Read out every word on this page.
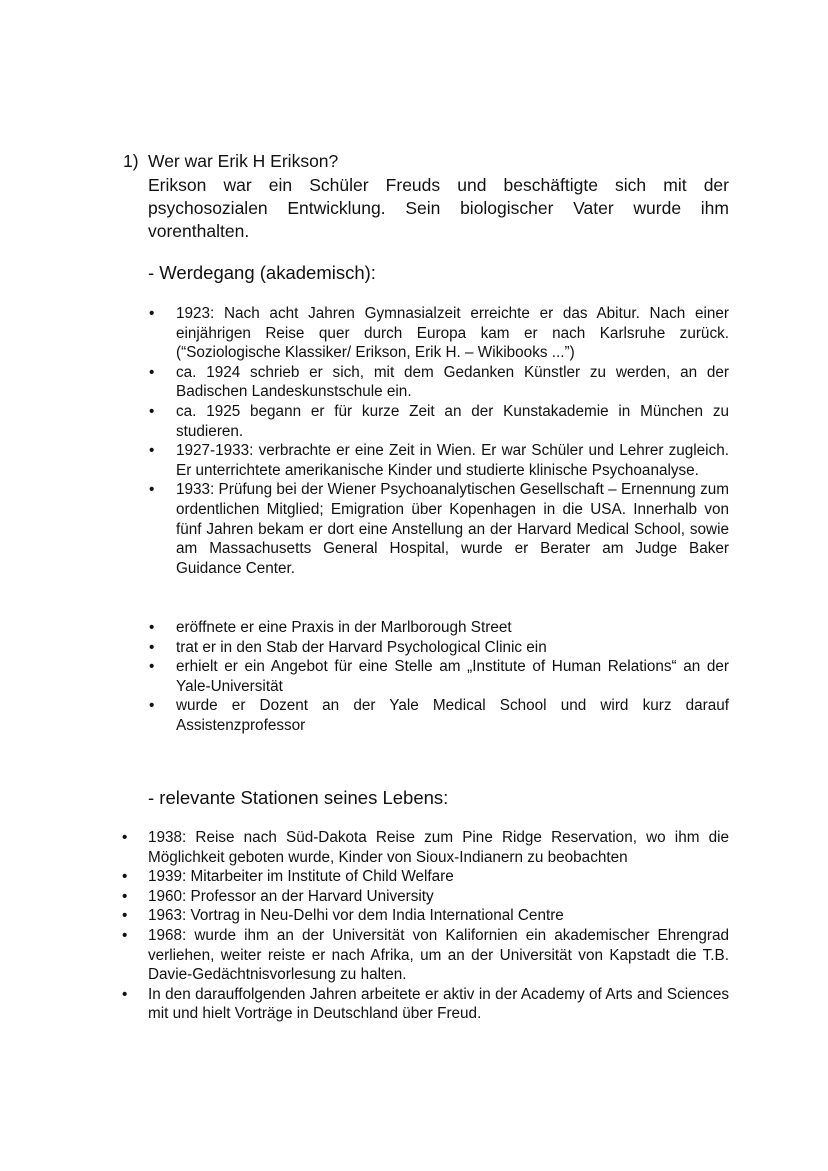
1) Wer war Erik H Erikson?

Erikson war ein Schüler Freuds und beschäftigte sich mit der psychosozialen Entwicklung. Sein biologischer Vater wurde ihm vorenthalten.

- Werdegang (akademisch):

• 1923: Nach acht Jahren Gymnasialzeit erreichte er das Abitur. Nach einer einjährigen Reise quer durch Europa kam er nach Karlsruhe zurück. (“Soziologische Klassiker/ Erikson, Erik H. – Wikibooks ...”)
• ca. 1924 schrieb er sich, mit dem Gedanken Künstler zu werden, an der Badischen Landeskunstschule ein.
• ca. 1925 begann er für kurze Zeit an der Kunstakademie in München zu studieren.
• 1927-1933: verbrachte er eine Zeit in Wien. Er war Schüler und Lehrer zugleich. Er unterrichtete amerikanische Kinder und studierte klinische Psychoanalyse.
• 1933: Prüfung bei der Wiener Psychoanalytischen Gesellschaft – Ernennung zum ordentlichen Mitglied; Emigration über Kopenhagen in die USA. Innerhalb von fünf Jahren bekam er dort eine Anstellung an der Harvard Medical School, sowie am Massachusetts General Hospital, wurde er Berater am Judge Baker Guidance Center.
• eröffnete er eine Praxis in der Marlborough Street
• trat er in den Stab der Harvard Psychological Clinic ein
• erhielt er ein Angebot für eine Stelle am „Institute of Human Relations“ an der Yale-Universität
• wurde er Dozent an der Yale Medical School und wird kurz darauf Assistenzprofessor

- relevante Stationen seines Lebens:

• 1938: Reise nach Süd-Dakota Reise zum Pine Ridge Reservation, wo ihm die Möglichkeit geboten wurde, Kinder von Sioux-Indianern zu beobachten
• 1939: Mitarbeiter im Institute of Child Welfare
• 1960: Professor an der Harvard University
• 1963: Vortrag in Neu-Delhi vor dem India International Centre
• 1968: wurde ihm an der Universität von Kalifornien ein akademischer Ehrengrad verliehen, weiter reiste er nach Afrika, um an der Universität von Kapstadt die T.B. Davie-Gedächtnisvorlesung zu halten.
• In den darauffolgenden Jahren arbeitete er aktiv in der Academy of Arts and Sciences mit und hielt Vorträge in Deutschland über Freud.
